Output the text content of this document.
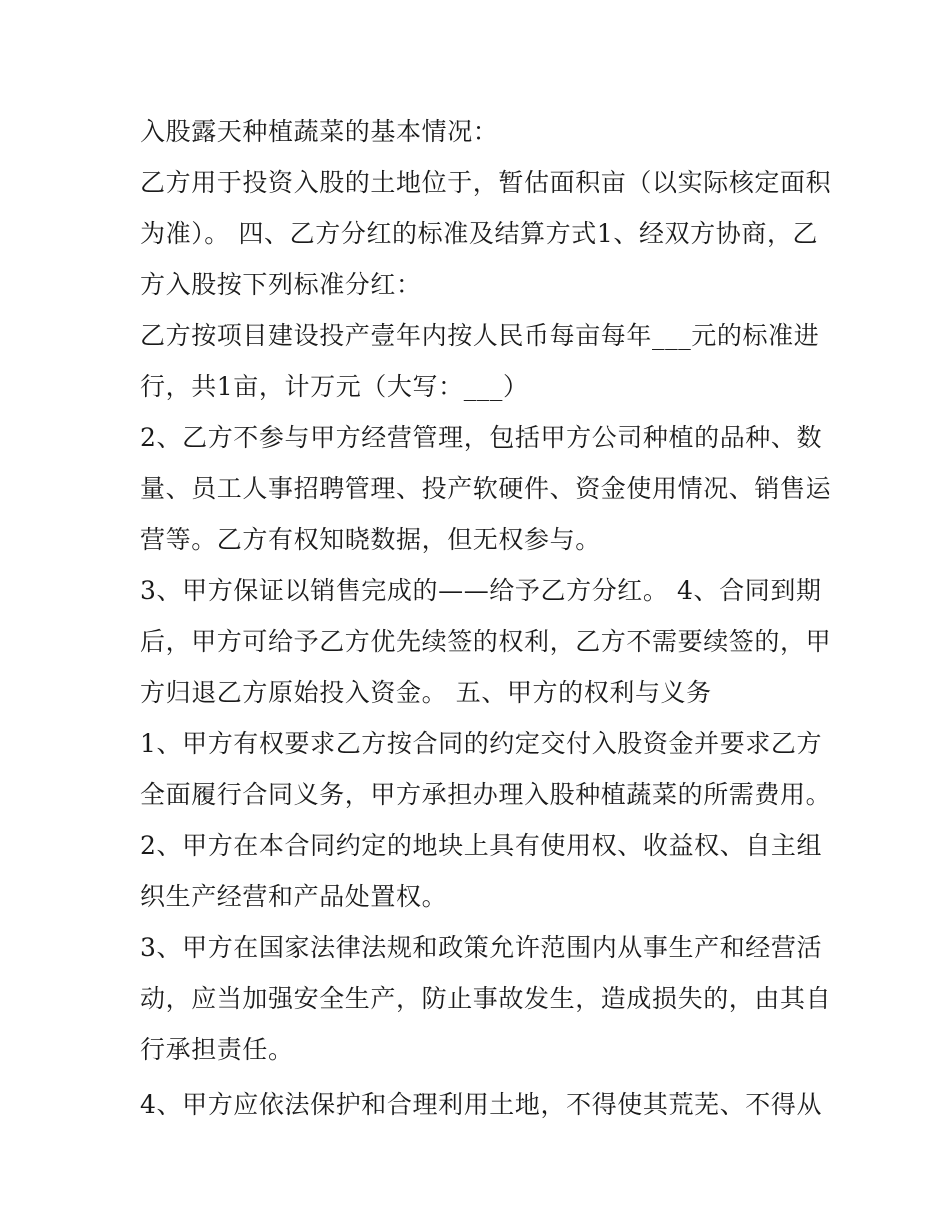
入股露天种植蔬菜的基本情况：
乙方用于投资入股的土地位于，暂估面积亩（以实际核定面积
为准）。 四、乙方分红的标准及结算方式1、经双方协商，乙
方入股按下列标准分红：
乙方按项目建设投产壹年内按人民币每亩每年___元的标准进
行，共1亩，计万元（大写：___）
2、乙方不参与甲方经营管理，包括甲方公司种植的品种、数
量、员工人事招聘管理、投产软硬件、资金使用情况、销售运
营等。乙方有权知晓数据，但无权参与。
3、甲方保证以销售完成的——给予乙方分红。 4、合同到期
后，甲方可给予乙方优先续签的权利，乙方不需要续签的，甲
方归退乙方原始投入资金。 五、甲方的权利与义务
1、甲方有权要求乙方按合同的约定交付入股资金并要求乙方
全面履行合同义务，甲方承担办理入股种植蔬菜的所需费用。
2、甲方在本合同约定的地块上具有使用权、收益权、自主组
织生产经营和产品处置权。
3、甲方在国家法律法规和政策允许范围内从事生产和经营活
动，应当加强安全生产，防止事故发生，造成损失的，由其自
行承担责任。
4、甲方应依法保护和合理利用土地，不得使其荒芜、不得从
